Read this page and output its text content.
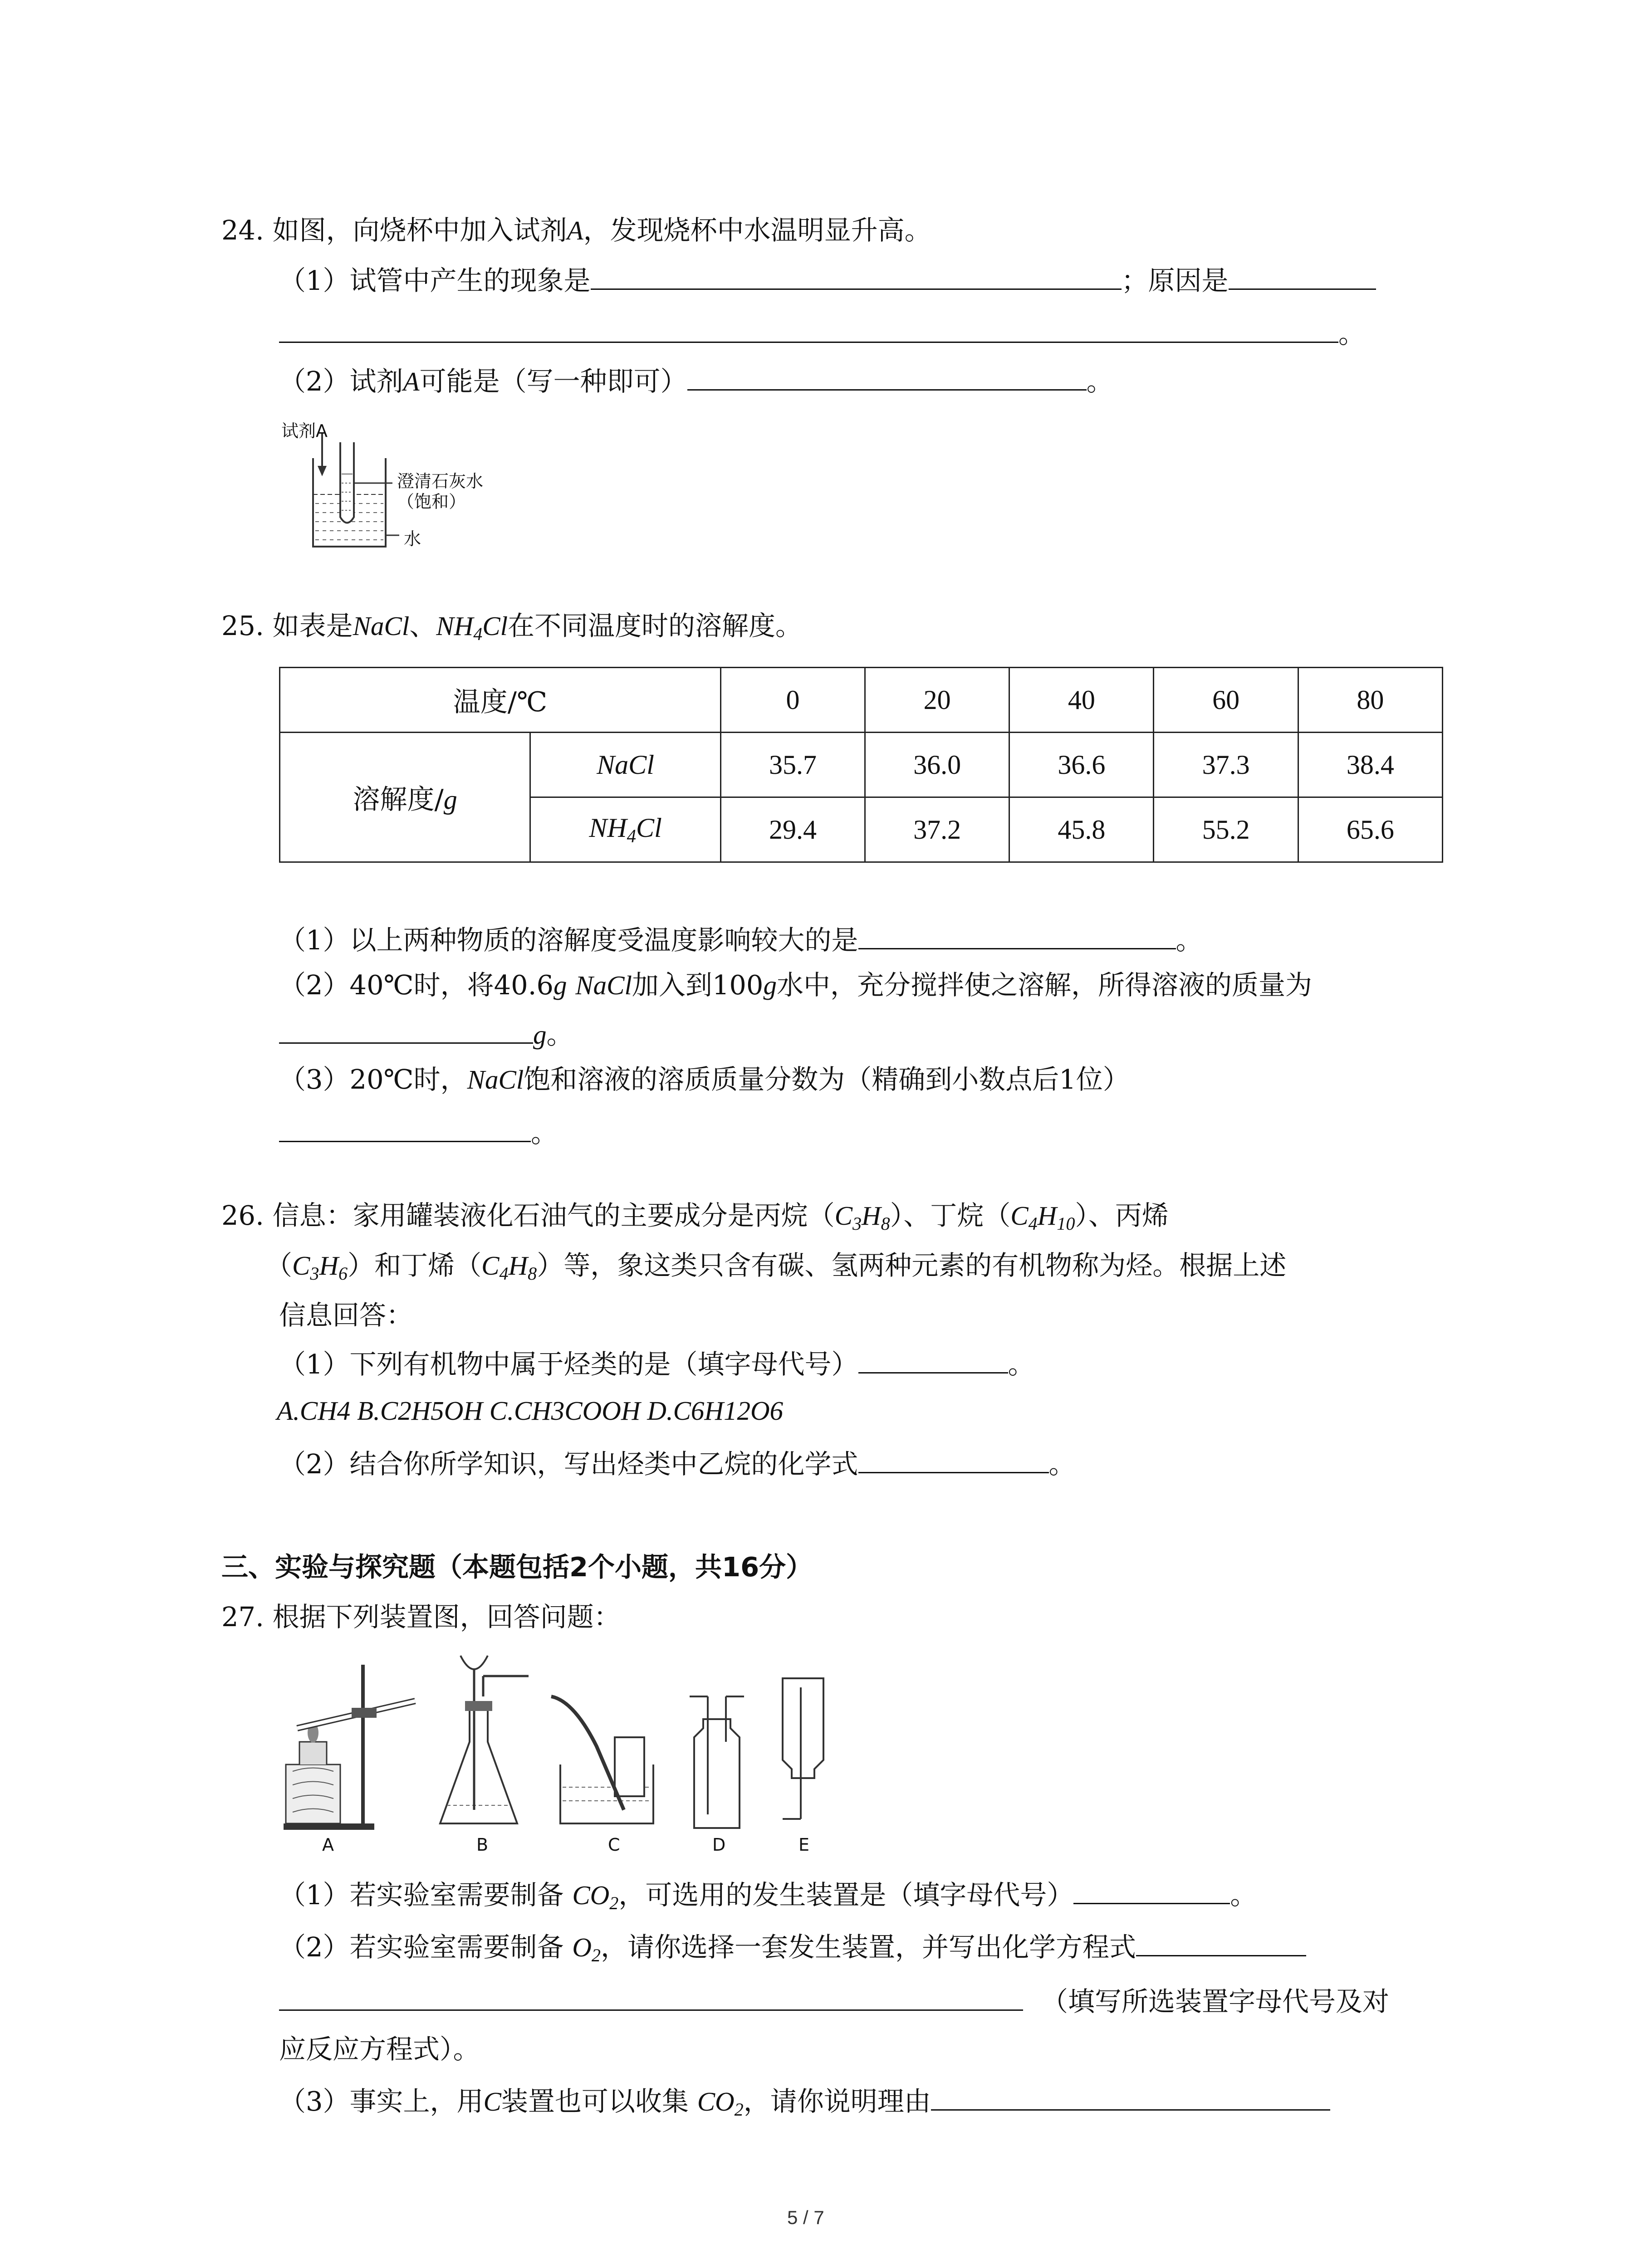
24. 如图，向烧杯中加入试剂A，发现烧杯中水温明显升高。
（1）试管中产生的现象是	；原因是
。
（2）试剂A可能是（写一种即可）	。
试剂A
澄清石灰水
（饱和）
水
25. 如表是NaCl、$NH_4Cl$在不同温度时的溶解度。
温度/℃		0	20	40	60	80
溶解度/g	NaCl	35.7	36.0	36.6	37.3	38.4
	$NH_4Cl$	29.4	37.2	45.8	55.2	65.6
（1）以上两种物质的溶解度受温度影响较大的是	。
（2）40℃时，将40.6g NaCl加入到100g水中，充分搅拌使之溶解，所得溶液的质量为
g。
（3）20℃时，NaCl饱和溶液的溶质质量分数为（精确到小数点后1位）
。
26. 信息：家用罐装液化石油气的主要成分是丙烷$(C_3H_8)$、丁烷$(C_4H_{10})$、丙烯
$(C_3H_6)$和丁烯$(C_4H_8)$等，象这类只含有碳、氢两种元素的有机物称为烃。根据上述
信息回答：
（1）下列有机物中属于烃类的是（填字母代号）	。
A.CH4 B.C2H5OH C.CH3COOH D.C6H12O6
（2）结合你所学知识，写出烃类中乙烷的化学式	。
三、实验与探究题（本题包括2个小题，共16分）
27. 根据下列装置图，回答问题：
A	B	C	D	E
（1）若实验室需要制备 $CO_2$，可选用的发生装置是（填字母代号）	。
（2）若实验室需要制备 $O_2$，请你选择一套发生装置，并写出化学方程式
（填写所选装置字母代号及对
应反应方程式）。
（3）事实上，用C装置也可以收集 $CO_2$，请你说明理由
5 / 7
